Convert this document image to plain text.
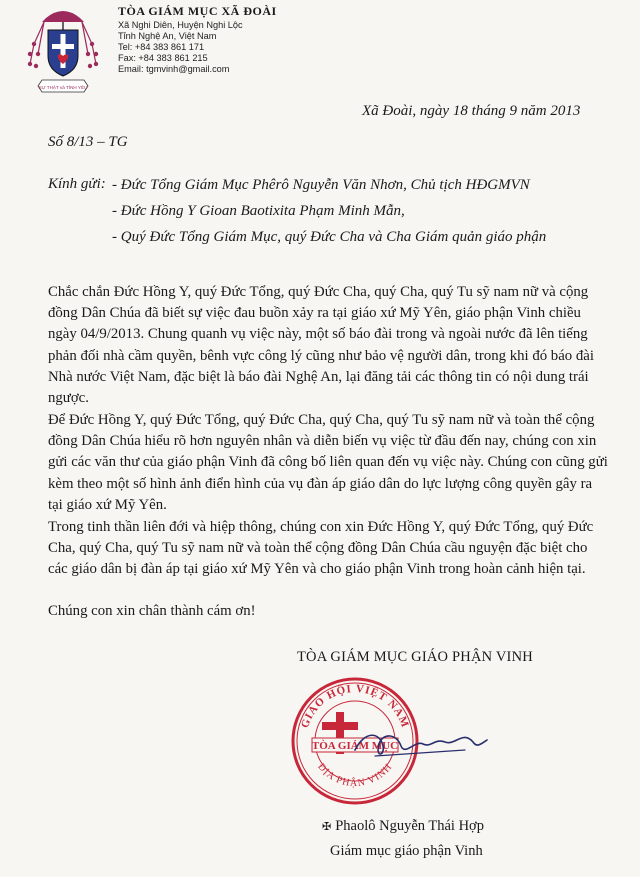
SỰ THẬT và TÌNH YÊU
TÒA GIÁM MỤC XÃ ĐOÀI
Xã Nghi Diên, Huyện Nghi Lộc
Tỉnh Nghệ An, Việt Nam
Tel: +84 383 861 171
Fax: +84 383 861 215
Email: tgmvinh@gmail.com
Xã Đoài, ngày 18 tháng 9 năm 2013
Số 8/13 – TG
Kính gửi: - Đức Tổng Giám Mục Phêrô Nguyễn Văn Nhơn, Chủ tịch HĐGMVN
- Đức Hồng Y Gioan Baotixita Phạm Minh Mẫn,
- Quý Đức Tổng Giám Mục, quý Đức Cha và Cha Giám quản giáo phận

Chắc chắn Đức Hồng Y, quý Đức Tổng, quý Đức Cha, quý Cha, quý Tu sỹ nam nữ và cộng đồng Dân Chúa đã biết sự việc đau buồn xảy ra tại giáo xứ Mỹ Yên, giáo phận Vinh chiều ngày 04/9/2013. Chung quanh vụ việc này, một số báo đài trong và ngoài nước đã lên tiếng phản đối nhà cầm quyền, bênh vực công lý cũng như bảo vệ người dân, trong khi đó báo đài Nhà nước Việt Nam, đặc biệt là báo đài Nghệ An, lại đăng tải các thông tin có nội dung trái ngược.

Để Đức Hồng Y, quý Đức Tổng, quý Đức Cha, quý Cha, quý Tu sỹ nam nữ và toàn thể cộng đồng Dân Chúa hiểu rõ hơn nguyên nhân và diễn biến vụ việc từ đầu đến nay, chúng con xin gửi các văn thư của giáo phận Vinh đã công bố liên quan đến vụ việc này. Chúng con cũng gửi kèm theo một số hình ảnh điển hình của vụ đàn áp giáo dân do lực lượng công quyền gây ra tại giáo xứ Mỹ Yên.

Trong tinh thần liên đới và hiệp thông, chúng con xin Đức Hồng Y, quý Đức Tổng, quý Đức Cha, quý Cha, quý Tu sỹ nam nữ và toàn thể cộng đồng Dân Chúa cầu nguyện đặc biệt cho các giáo dân bị đàn áp tại giáo xứ Mỹ Yên và cho giáo phận Vinh trong hoàn cảnh hiện tại.

Chúng con xin chân thành cám ơn!

TÒA GIÁM MỤC GIÁO PHẬN VINH
GIÁO HỘI VIỆT NAM
ĐỊA PHẬN VINH
TÒA GIÁM MỤC
✠ Phaolô Nguyễn Thái Hợp
Giám mục giáo phận Vinh
